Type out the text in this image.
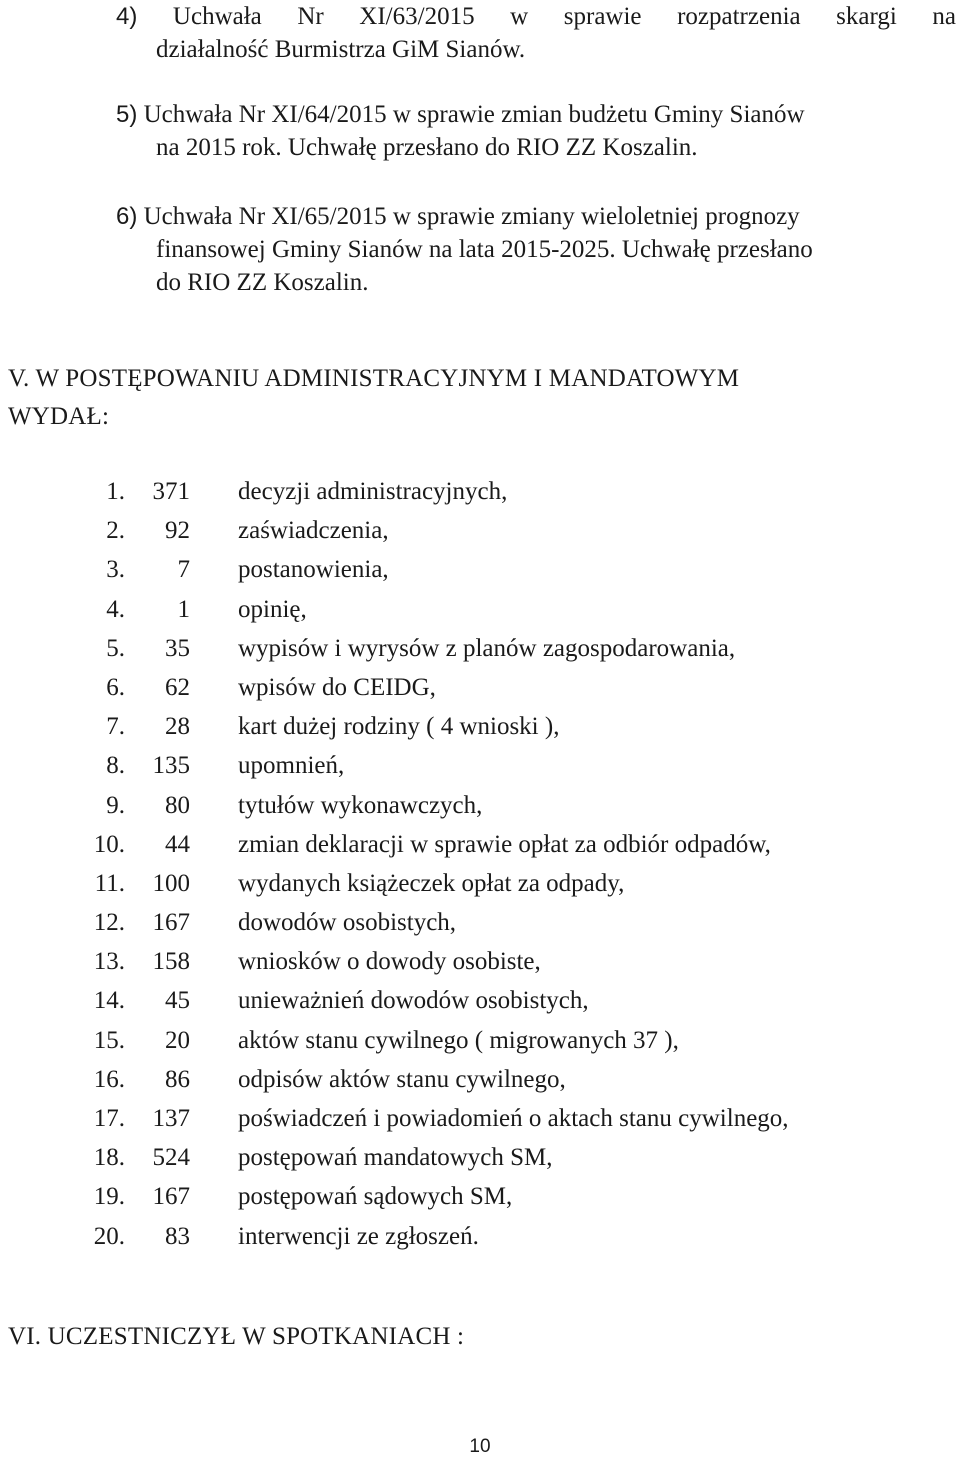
4) Uchwała Nr XI/63/2015 w sprawie rozpatrzenia skargi na
działalność Burmistrza GiM Sianów.
5) Uchwała Nr XI/64/2015 w sprawie zmian budżetu Gminy Sianów
na 2015 rok. Uchwałę przesłano do RIO ZZ Koszalin.
6) Uchwała Nr XI/65/2015 w sprawie zmiany wieloletniej prognozy
finansowej Gminy Sianów na lata 2015-2025. Uchwałę przesłano
do RIO ZZ Koszalin.
V. W POSTĘPOWANIU ADMINISTRACYJNYM I MANDATOWYM
WYDAŁ:
1.	371 decyzji administracyjnych,
2.	92 zaświadczenia,
3.	7 postanowienia,
4.	1 opinię,
5.	35 wypisów i wyrysów z planów zagospodarowania,
6.	62 wpisów do CEIDG,
7.	28 kart dużej rodziny ( 4 wnioski ),
8.	135 upomnień,
9.	80 tytułów wykonawczych,
10.	44 zmian deklaracji w sprawie opłat za odbiór odpadów,
11.	100 wydanych książeczek opłat za odpady,
12.	167 dowodów osobistych,
13.	158 wniosków o dowody osobiste,
14.	45 unieważnień dowodów osobistych,
15.	20 aktów stanu cywilnego ( migrowanych 37 ),
16.	86 odpisów aktów stanu cywilnego,
17.	137 poświadczeń i powiadomień o aktach stanu cywilnego,
18.	524 postępowań mandatowych SM,
19.	167 postępowań sądowych SM,
20.	83 interwencji ze zgłoszeń.
VI. UCZESTNICZYŁ W SPOTKANIACH :
10
